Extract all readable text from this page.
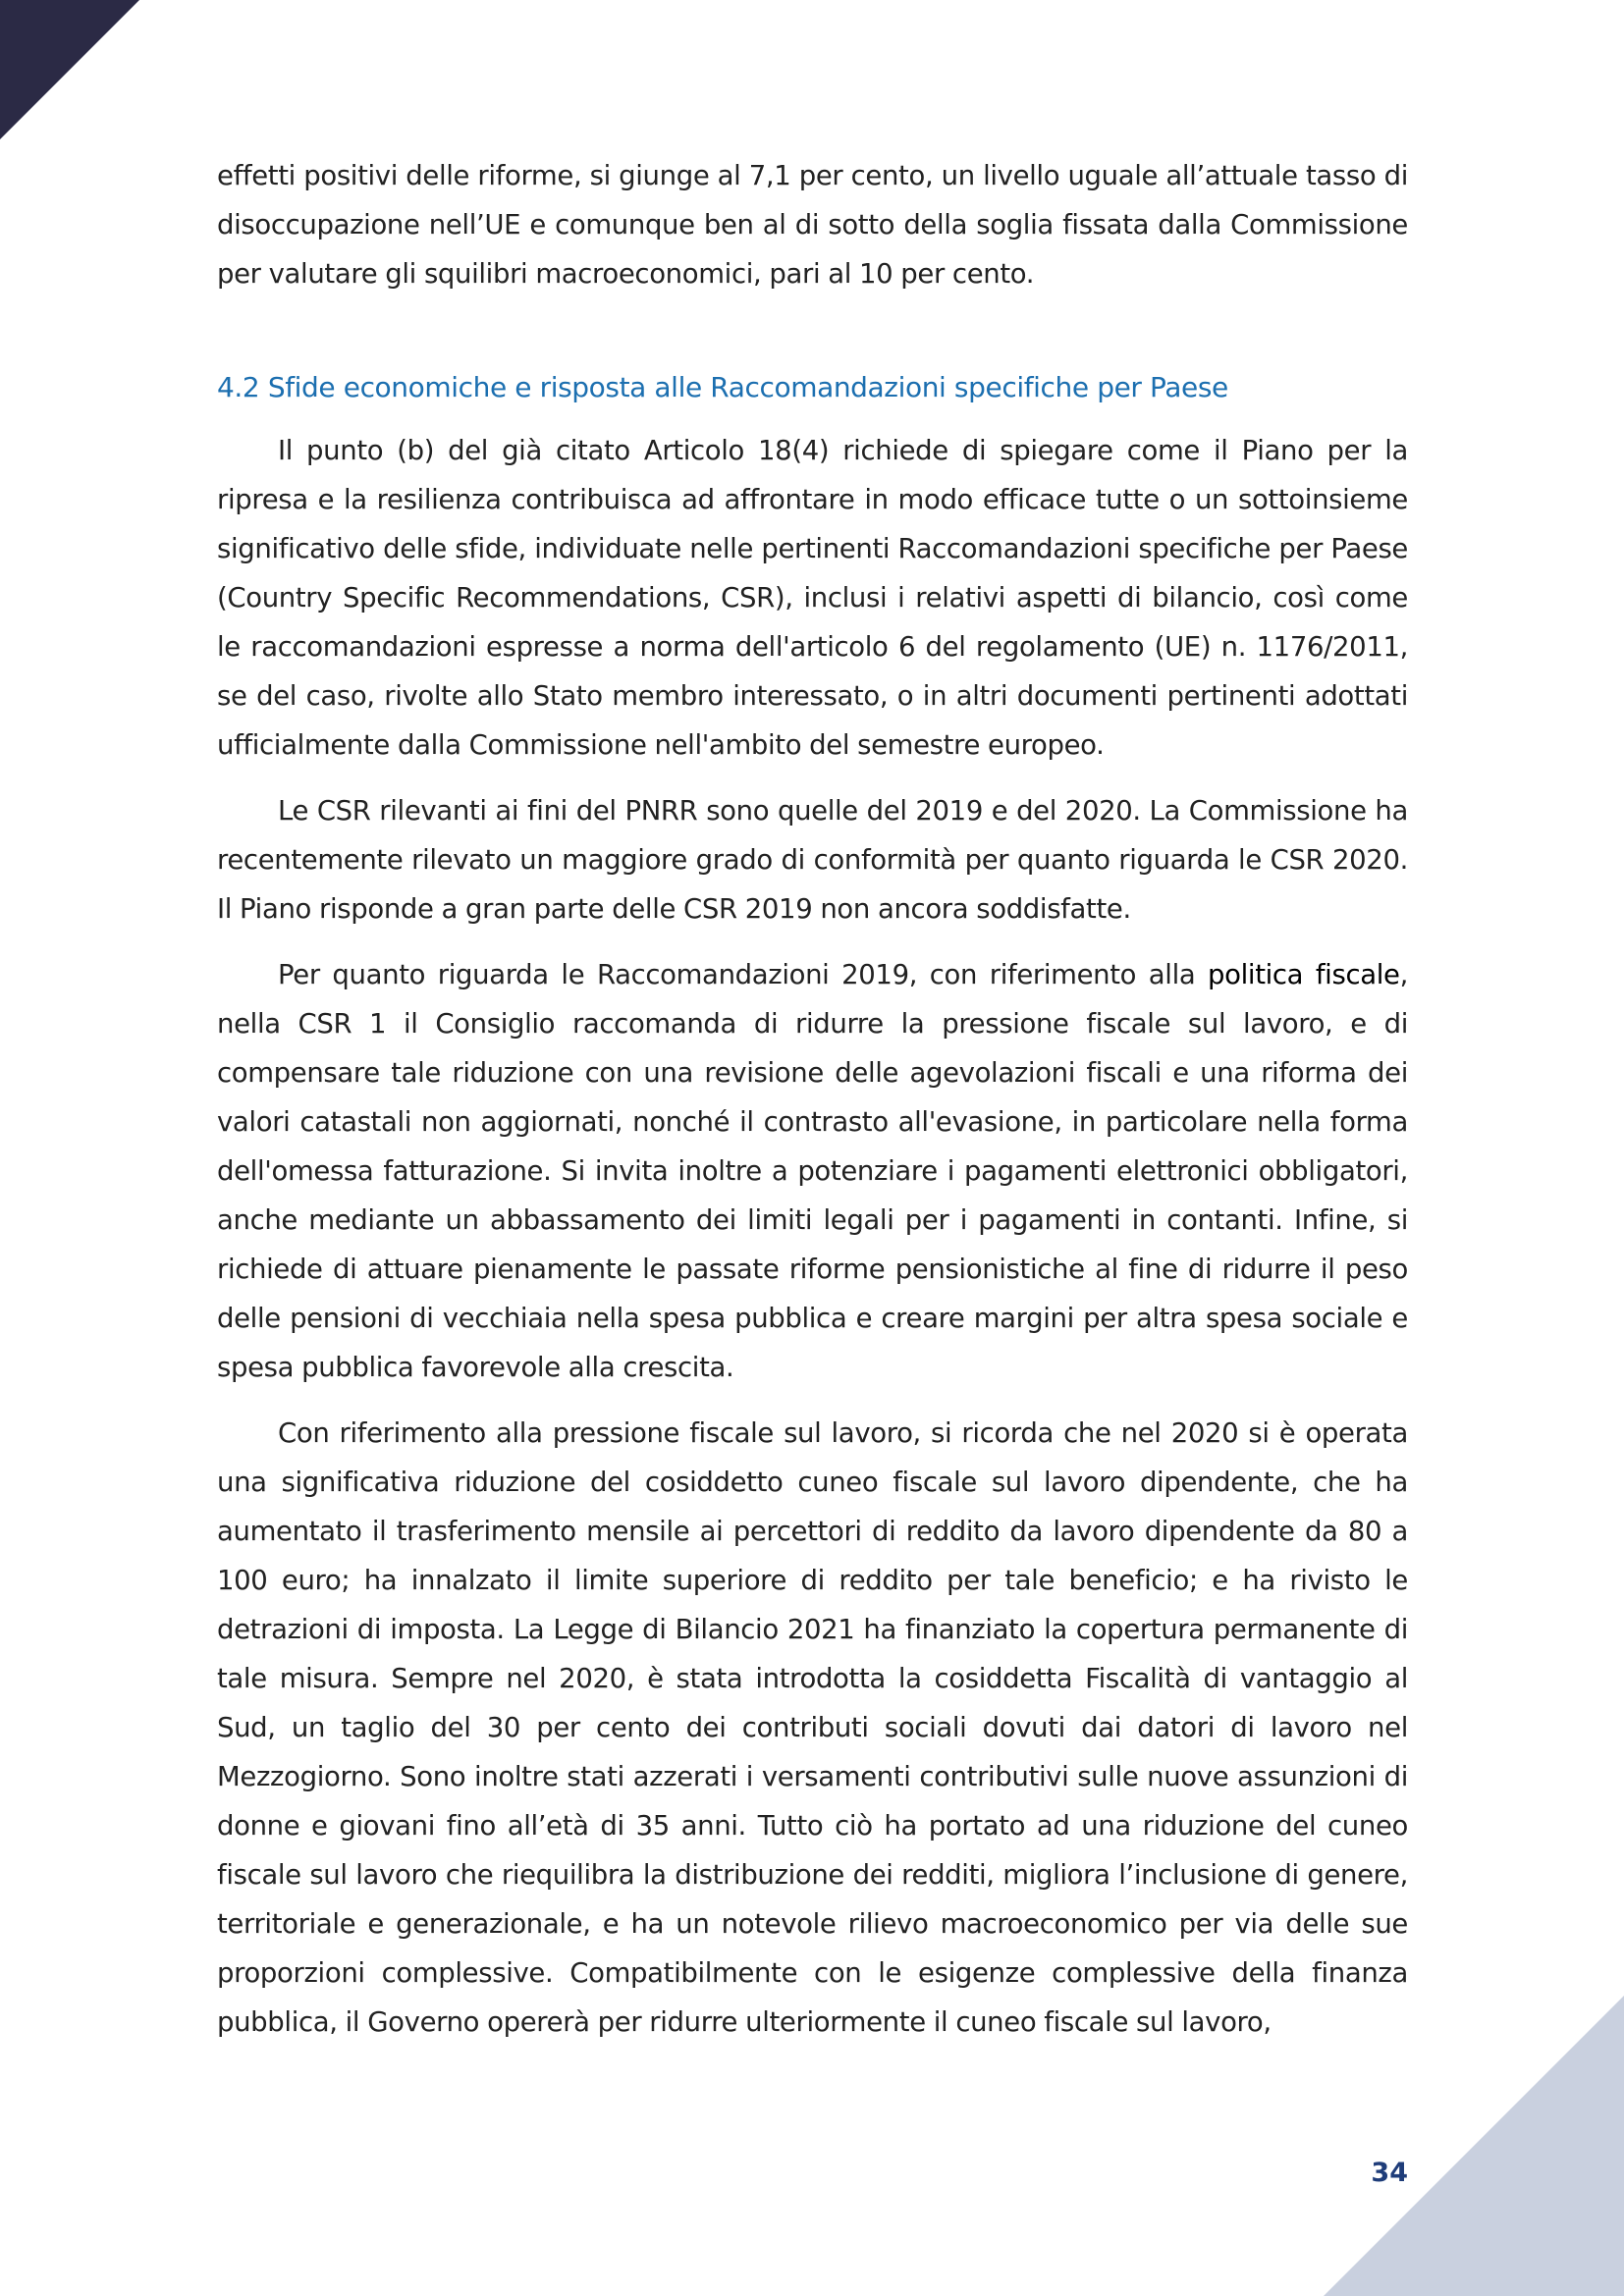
effetti positivi delle riforme, si giunge al 7,1 per cento, un livello uguale all’attuale tasso di disoccupazione nell’UE e comunque ben al di sotto della soglia fissata dalla Commissione per valutare gli squilibri macroeconomici, pari al 10 per cento.

4.2 Sfide economiche e risposta alle Raccomandazioni specifiche per Paese

Il punto (b) del già citato Articolo 18(4) richiede di spiegare come il Piano per la ripresa e la resilienza contribuisca ad affrontare in modo efficace tutte o un sottoinsieme significativo delle sfide, individuate nelle pertinenti Raccomandazioni specifiche per Paese (Country Specific Recommendations, CSR), inclusi i relativi aspetti di bilancio, così come le raccomandazioni espresse a norma dell'articolo 6 del regolamento (UE) n. 1176/2011, se del caso, rivolte allo Stato membro interessato, o in altri documenti pertinenti adottati ufficialmente dalla Commissione nell'ambito del semestre europeo.

Le CSR rilevanti ai fini del PNRR sono quelle del 2019 e del 2020. La Commissione ha recentemente rilevato un maggiore grado di conformità per quanto riguarda le CSR 2020. Il Piano risponde a gran parte delle CSR 2019 non ancora soddisfatte.

Per quanto riguarda le Raccomandazioni 2019, con riferimento alla politica fiscale, nella CSR 1 il Consiglio raccomanda di ridurre la pressione fiscale sul lavoro, e di compensare tale riduzione con una revisione delle agevolazioni fiscali e una riforma dei valori catastali non aggiornati, nonché il contrasto all'evasione, in particolare nella forma dell'omessa fatturazione. Si invita inoltre a potenziare i pagamenti elettronici obbligatori, anche mediante un abbassamento dei limiti legali per i pagamenti in contanti. Infine, si richiede di attuare pienamente le passate riforme pensionistiche al fine di ridurre il peso delle pensioni di vecchiaia nella spesa pubblica e creare margini per altra spesa sociale e spesa pubblica favorevole alla crescita.

Con riferimento alla pressione fiscale sul lavoro, si ricorda che nel 2020 si è operata una significativa riduzione del cosiddetto cuneo fiscale sul lavoro dipendente, che ha aumentato il trasferimento mensile ai percettori di reddito da lavoro dipendente da 80 a 100 euro; ha innalzato il limite superiore di reddito per tale beneficio; e ha rivisto le detrazioni di imposta. La Legge di Bilancio 2021 ha finanziato la copertura permanente di tale misura. Sempre nel 2020, è stata introdotta la cosiddetta Fiscalità di vantaggio al Sud, un taglio del 30 per cento dei contributi sociali dovuti dai datori di lavoro nel Mezzogiorno. Sono inoltre stati azzerati i versamenti contributivi sulle nuove assunzioni di donne e giovani fino all’età di 35 anni. Tutto ciò ha portato ad una riduzione del cuneo fiscale sul lavoro che riequilibra la distribuzione dei redditi, migliora l’inclusione di genere, territoriale e generazionale, e ha un notevole rilievo macroeconomico per via delle sue proporzioni complessive. Compatibilmente con le esigenze complessive della finanza pubblica, il Governo opererà per ridurre ulteriormente il cuneo fiscale sul lavoro,

34
